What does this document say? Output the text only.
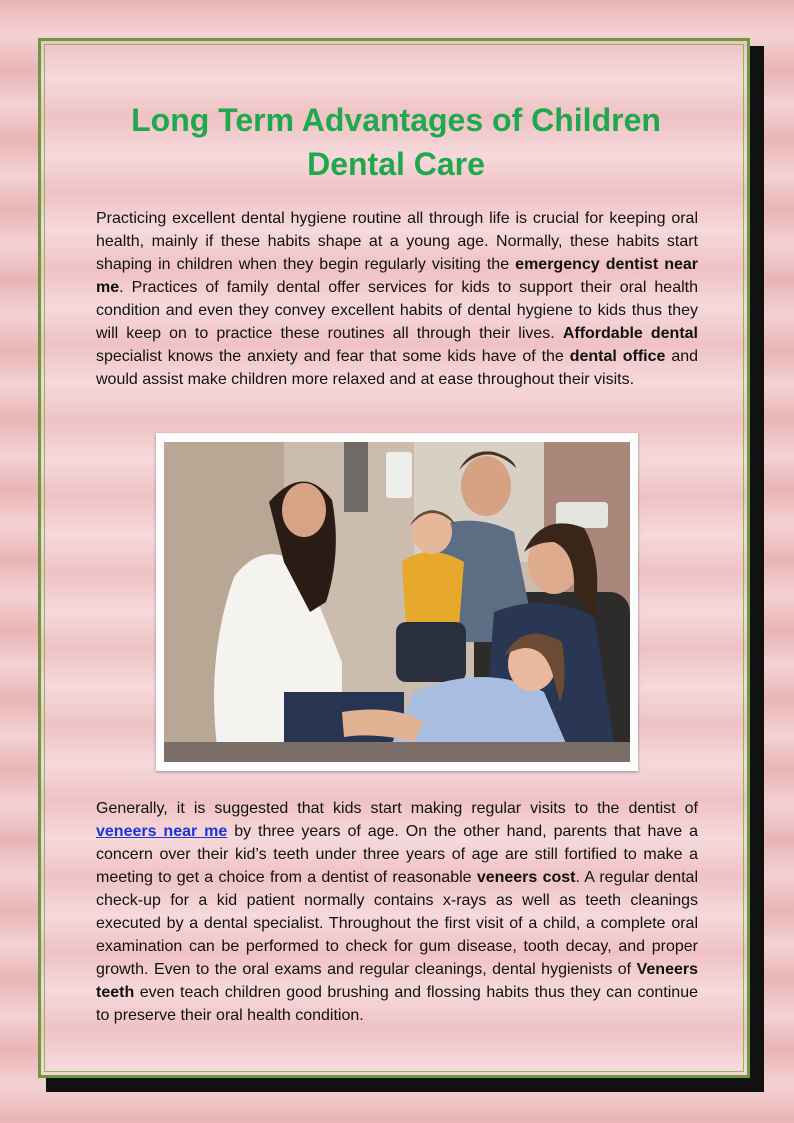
Long Term Advantages of Children
Dental Care

Practicing excellent dental hygiene routine all through life is crucial for keeping oral health, mainly if these habits shape at a young age. Normally, these habits start shaping in children when they begin regularly visiting the emergency dentist near me. Practices of family dental offer services for kids to support their oral health condition and even they convey excellent habits of dental hygiene to kids thus they will keep on to practice these routines all through their lives. Affordable dental specialist knows the anxiety and fear that some kids have of the dental office and would assist make children more relaxed and at ease throughout their visits.

Generally, it is suggested that kids start making regular visits to the dentist of veneers near me by three years of age. On the other hand, parents that have a concern over their kid’s teeth under three years of age are still fortified to make a meeting to get a choice from a dentist of reasonable veneers cost. A regular dental check-up for a kid patient normally contains x-rays as well as teeth cleanings executed by a dental specialist. Throughout the first visit of a child, a complete oral examination can be performed to check for gum disease, tooth decay, and proper growth. Even to the oral exams and regular cleanings, dental hygienists of Veneers teeth even teach children good brushing and flossing habits thus they can continue to preserve their oral health condition.
